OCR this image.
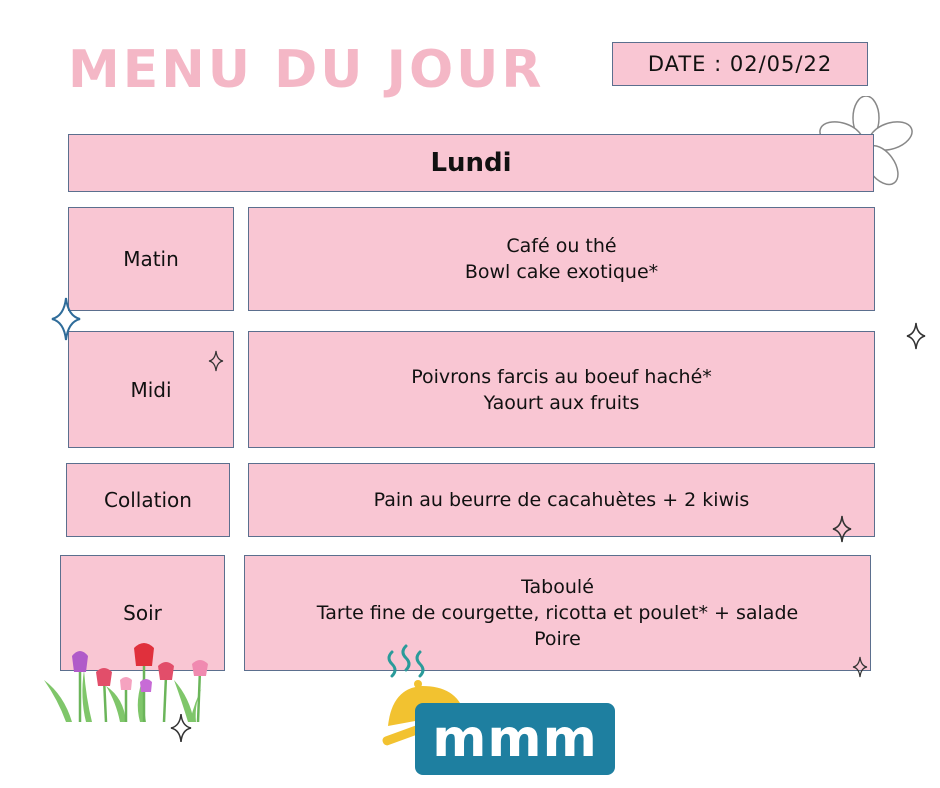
MENU DU JOUR	DATE : 02/05/22
Lundi
Matin
Café ou thé
Bowl cake exotique*
Midi
Poivrons farcis au boeuf haché*
Yaourt aux fruits
Collation	Pain au beurre de cacahuètes + 2 kiwis
Soir
Taboulé
Tarte fine de courgette, ricotta et poulet* + salade
Poire
mmm
